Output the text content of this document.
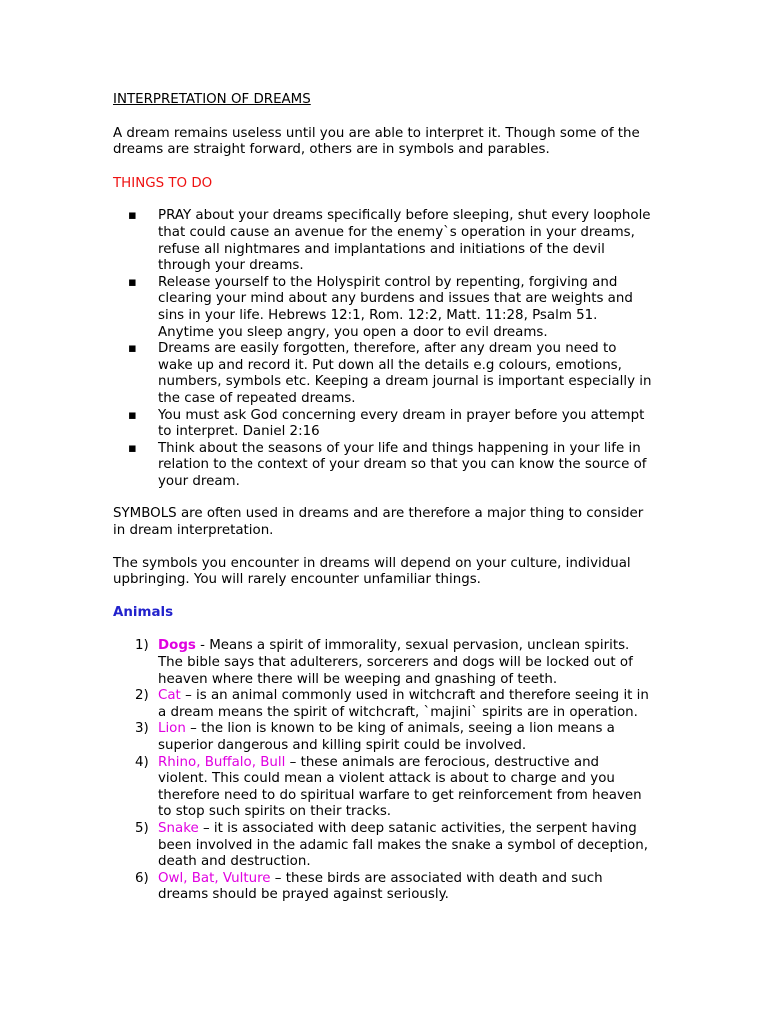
INTERPRETATION OF DREAMS

A dream remains useless until you are able to interpret it. Though some of the dreams are straight forward, others are in symbols and parables.

THINGS TO DO
▪ PRAY about your dreams specifically before sleeping, shut every loophole that could cause an avenue for the enemy`s operation in your dreams, refuse all nightmares and implantations and initiations of the devil through your dreams.
▪ Release yourself to the Holyspirit control by repenting, forgiving and clearing your mind about any burdens and issues that are weights and sins in your life. Hebrews 12:1, Rom. 12:2, Matt. 11:28, Psalm 51. Anytime you sleep angry, you open a door to evil dreams.
▪ Dreams are easily forgotten, therefore, after any dream you need to wake up and record it. Put down all the details e.g colours, emotions, numbers, symbols etc. Keeping a dream journal is important especially in the case of repeated dreams.
▪ You must ask God concerning every dream in prayer before you attempt to interpret. Daniel 2:16
▪ Think about the seasons of your life and things happening in your life in relation to the context of your dream so that you can know the source of your dream.

SYMBOLS are often used in dreams and are therefore a major thing to consider in dream interpretation.

The symbols you encounter in dreams will depend on your culture, individual upbringing. You will rarely encounter unfamiliar things.

Animals
1) Dogs - Means a spirit of immorality, sexual pervasion, unclean spirits. The bible says that adulterers, sorcerers and dogs will be locked out of heaven where there will be weeping and gnashing of teeth.
2) Cat – is an animal commonly used in witchcraft and therefore seeing it in a dream means the spirit of witchcraft, `majini` spirits are in operation.
3) Lion – the lion is known to be king of animals, seeing a lion means a superior dangerous and killing spirit could be involved.
4) Rhino, Buffalo, Bull – these animals are ferocious, destructive and violent. This could mean a violent attack is about to charge and you therefore need to do spiritual warfare to get reinforcement from heaven to stop such spirits on their tracks.
5) Snake – it is associated with deep satanic activities, the serpent having been involved in the adamic fall makes the snake a symbol of deception, death and destruction.
6) Owl, Bat, Vulture – these birds are associated with death and such dreams should be prayed against seriously.
